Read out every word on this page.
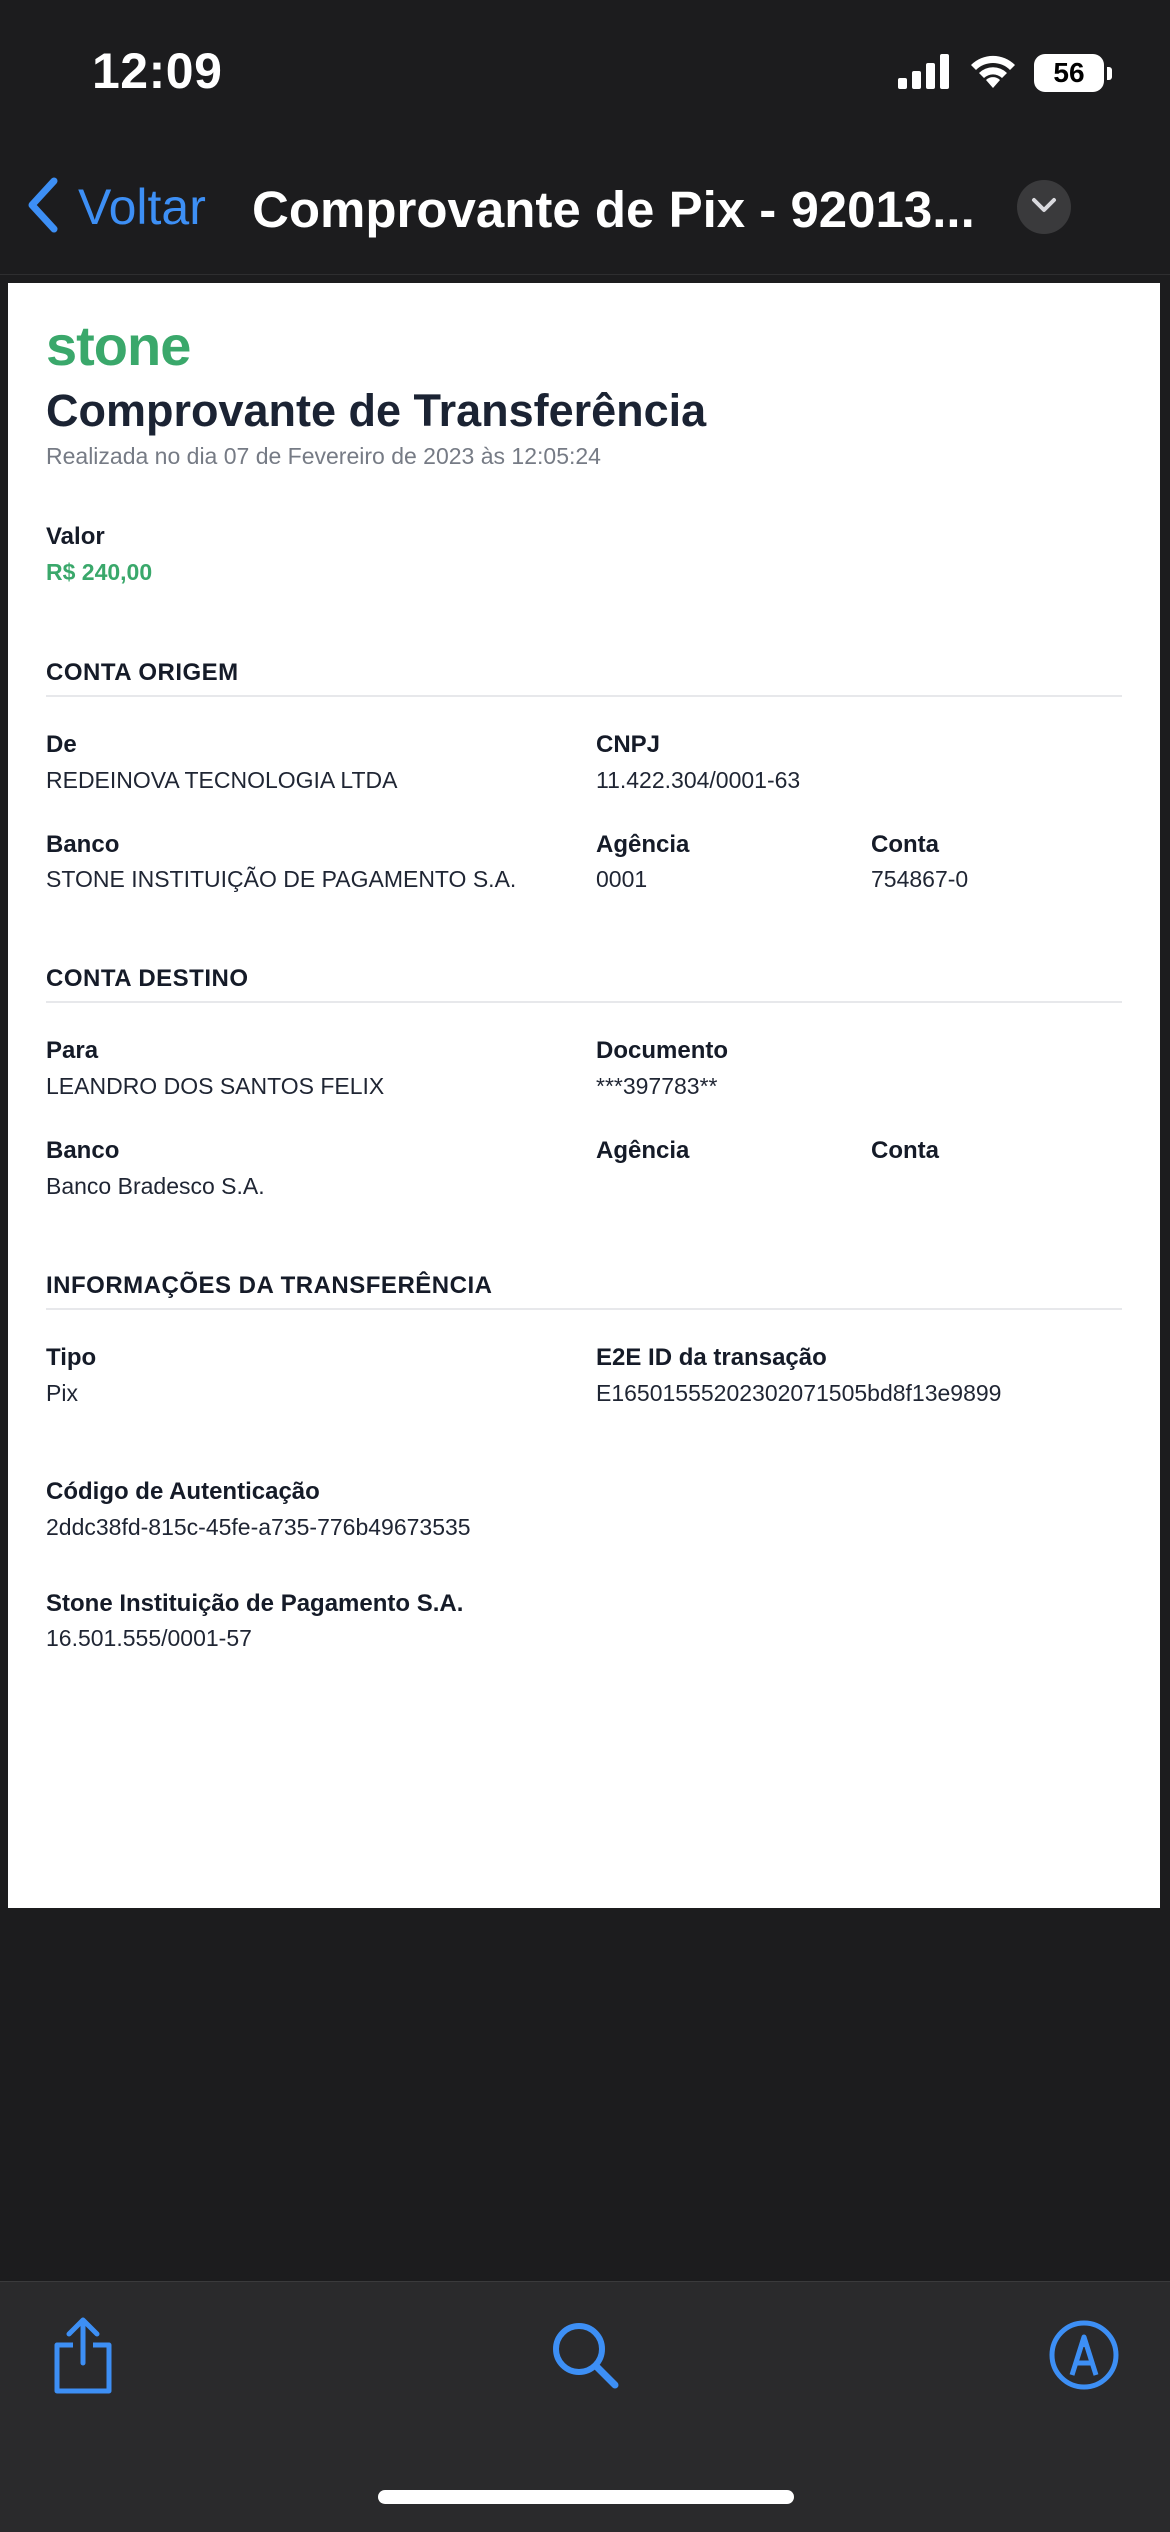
12:09	56
Voltar Comprovante de Pix - 92013...
stone
Comprovante de Transferência
Realizada no dia 07 de Fevereiro de 2023 às 12:05:24
Valor
R$ 240,00
CONTA ORIGEM
De
REDEINOVA TECNOLOGIA LTDA
CNPJ
11.422.304/0001-63
Banco
STONE INSTITUIÇÃO DE PAGAMENTO S.A.
Agência
0001
Conta
754867-0
CONTA DESTINO
Para
LEANDRO DOS SANTOS FELIX
Documento
***397783**
Banco
Banco Bradesco S.A.
Agência	Conta
INFORMAÇÕES DA TRANSFERÊNCIA
Tipo
Pix
E2E ID da transação
E16501555202302071505bd8f13e9899
Código de Autenticação
2ddc38fd-815c-45fe-a735-776b49673535
Stone Instituição de Pagamento S.A.
16.501.555/0001-57
